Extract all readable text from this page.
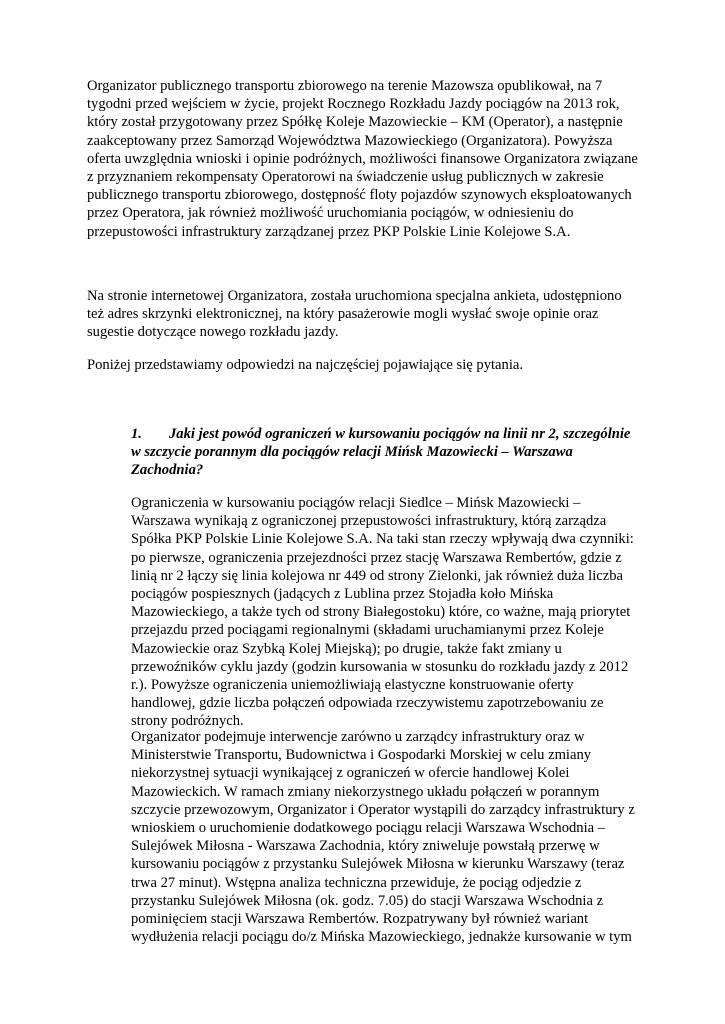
Organizator publicznego transportu zbiorowego na terenie Mazowsza opublikował, na 7
tygodni przed wejściem w życie, projekt Rocznego Rozkładu Jazdy pociągów na 2013 rok,
który został przygotowany przez Spółkę Koleje Mazowieckie – KM (Operator), a następnie
zaakceptowany przez Samorząd Województwa Mazowieckiego (Organizatora). Powyższa
oferta uwzględnia wnioski i opinie podróżnych, możliwości finansowe Organizatora związane
z przyznaniem rekompensaty Operatorowi na świadczenie usług publicznych w zakresie
publicznego transportu zbiorowego, dostępność floty pojazdów szynowych eksploatowanych
przez Operatora, jak również możliwość uruchomiania pociągów, w odniesieniu do
przepustowości infrastruktury zarządzanej przez PKP Polskie Linie Kolejowe S.A.
Na stronie internetowej Organizatora, została uruchomiona specjalna ankieta, udostępniono
też adres skrzynki elektronicznej, na który pasażerowie mogli wysłać swoje opinie oraz
sugestie dotyczące nowego rozkładu jazdy.
Poniżej przedstawiamy odpowiedzi na najczęściej pojawiające się pytania.
1. Jaki jest powód ograniczeń w kursowaniu pociągów na linii nr 2, szczególnie
w szczycie porannym dla pociągów relacji Mińsk Mazowiecki – Warszawa
Zachodnia?
Ograniczenia w kursowaniu pociągów relacji Siedlce – Mińsk Mazowiecki –
Warszawa wynikają z ograniczonej przepustowości infrastruktury, którą zarządza
Spółka PKP Polskie Linie Kolejowe S.A. Na taki stan rzeczy wpływają dwa czynniki:
po pierwsze, ograniczenia przejezdności przez stację Warszawa Rembertów, gdzie z
linią nr 2 łączy się linia kolejowa nr 449 od strony Zielonki, jak również duża liczba
pociągów pospiesznych (jadących z Lublina przez Stojadła koło Mińska
Mazowieckiego, a także tych od strony Białegostoku) które, co ważne, mają priorytet
przejazdu przed pociągami regionalnymi (składami uruchamianymi przez Koleje
Mazowieckie oraz Szybką Kolej Miejską); po drugie, także fakt zmiany u
przewoźników cyklu jazdy (godzin kursowania w stosunku do rozkładu jazdy z 2012
r.). Powyższe ograniczenia uniemożliwiają elastyczne konstruowanie oferty
handlowej, gdzie liczba połączeń odpowiada rzeczywistemu zapotrzebowaniu ze
strony podróżnych.
Organizator podejmuje interwencje zarówno u zarządcy infrastruktury oraz w
Ministerstwie Transportu, Budownictwa i Gospodarki Morskiej w celu zmiany
niekorzystnej sytuacji wynikającej z ograniczeń w ofercie handlowej Kolei
Mazowieckich. W ramach zmiany niekorzystnego układu połączeń w porannym
szczycie przewozowym, Organizator i Operator wystąpili do zarządcy infrastruktury z
wnioskiem o uruchomienie dodatkowego pociągu relacji Warszawa Wschodnia –
Sulejówek Miłosna - Warszawa Zachodnia, który zniweluje powstałą przerwę w
kursowaniu pociągów z przystanku Sulejówek Miłosna w kierunku Warszawy (teraz
trwa 27 minut). Wstępna analiza techniczna przewiduje, że pociąg odjedzie z
przystanku Sulejówek Miłosna (ok. godz. 7.05) do stacji Warszawa Wschodnia z
pominięciem stacji Warszawa Rembertów. Rozpatrywany był również wariant
wydłużenia relacji pociągu do/z Mińska Mazowieckiego, jednakże kursowanie w tym
